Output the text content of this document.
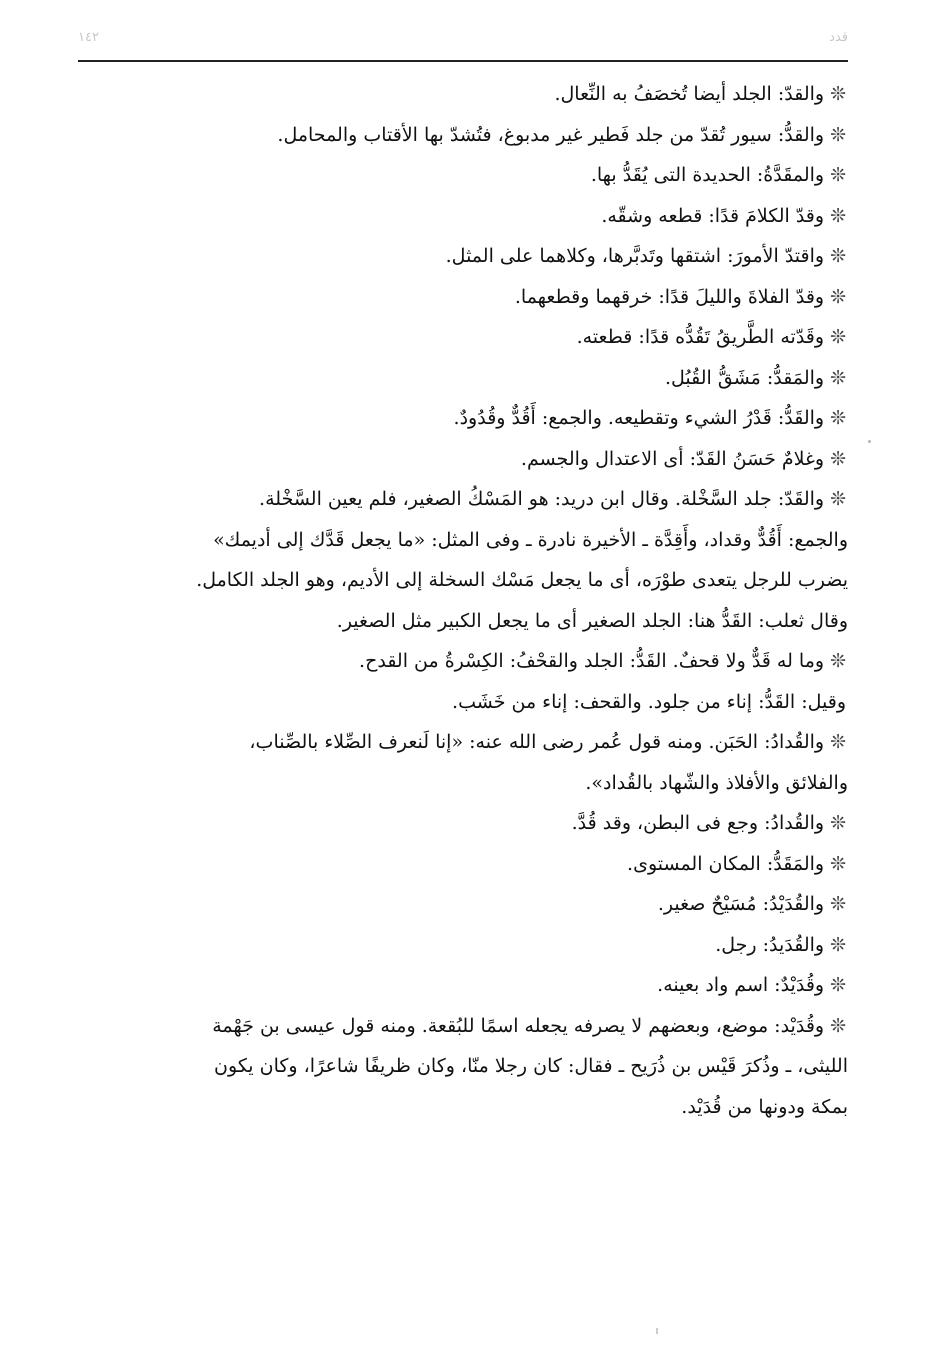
١٤٢	قدد
❊والقدّ: الجلد أيضا تُخصَفُ به النِّعال.
❊والقدُّ: سيور تُقدّ من جلد فَطير غير مدبوغ، فتُشدّ بها الأقتاب والمحامل.
❊والمقَدَّةُ: الحديدة التى يُقَدُّ بها.
❊وقدّ الكلامَ قدًا: قطعه وشقّه.
❊واقتدّ الأمورَ: اشتقها وتَدبَّرها، وكلاهما على المثل.
❊وقدّ الفلاةَ والليلَ قدًا: خرقهما وقطعهما.
❊وقَدّته الطَّريقُ تَقُدُّه قدًا: قطعته.
❊والمَقدُّ: مَشَقُّ القُبُل.
❊والقَدُّ: قَدْرُ الشيء وتقطيعه. والجمع: أَقُدٌّ وقُدُودٌ.
❊وغلامٌ حَسَنُ القَدّ: أى الاعتدال والجسم.
❊والقَدّ: جلد السَّخْلة. وقال ابن دريد: هو المَسْكُ الصغير، فلم يعين السَّخْلة.
والجمع: أَقُدٌّ وقداد، وأَقِدَّة ـ الأخيرة نادرة ـ وفى المثل: «ما يجعل قَدَّك إلى أديمك»
يضرب للرجل يتعدى طوْرَه، أى ما يجعل مَسْك السخلة إلى الأديم، وهو الجلد الكامل.
وقال ثعلب: القَدُّ هنا: الجلد الصغير أى ما يجعل الكبير مثل الصغير.
❊وما له قَدٌّ ولا قحفٌ. القَدُّ: الجلد والقحْفُ: الكِسْرةُ من القدح.
وقيل: القَدُّ: إناء من جلود. والقحف: إناء من خَشَب.
❊والقُدادُ: الحَبَن. ومنه قول عُمر رضى الله عنه: «إنا لَنعرف الصِّلاء بالصِّناب،
والفلائق والأفلاذ والشّهاد بالقُداد».
❊والقُدادُ: وجع فى البطن، وقد قُدَّ.
❊والمَقَدُّ: المكان المستوى.
❊والقُدَيْدُ: مُسَيْحٌ صغير.
❊والقُدَيدُ: رجل.
❊وقُدَيْدٌ: اسم واد بعينه.
❊وقُدَيْد: موضع، وبعضهم لا يصرفه يجعله اسمًا للبُقعة. ومنه قول عيسى بن جَهْمة
الليثى، ـ وذُكرَ قَيْس بن ذُرَيح ـ فقال: كان رجلا منّا، وكان ظريفًا شاعرًا، وكان يكون
بمكة ودونها من قُدَيْد.
